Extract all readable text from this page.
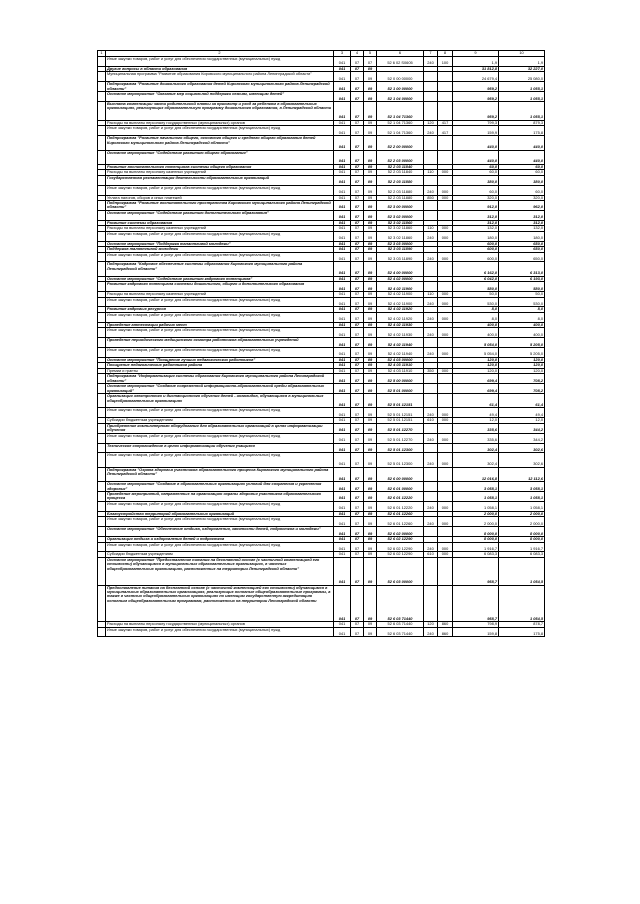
1	2	3	4	5	6	7	8	9	10
	Иные закупки товаров, работ и услуг для обеспечения государственных (муниципальных) нужд	041	07	07	52 6 02 S0605	240	100	1,9	1,9
	Другие вопросы в области образования	041	07	09				31 812,8	32 227,0
	Муниципальная программа "Развитие образования Кировского муниципального района Ленинградской области"	041	07	09	52 0 00 00000			24 679,4	25 080,0
	Подпрограмма "Развитие дошкольного образования детей Кировского муниципального района Ленинградской области"	041	07	09	52 1 00 00000			959,2	1 055,1
	Основное мероприятие "Оказание мер социальной поддержки семьям, имеющим детей"	041	07	09	52 1 04 00000			959,2	1 055,1
	Выплата компенсации части родительской платы за присмотр и уход за ребенком в образовательных организациях, реализующих образовательную программу дошкольного образования, в Ленинградской области	041	07	09	52 1 04 71360			959,2	1 055,1
	Расходы на выплаты персоналу государственных (муниципальных) органов	041	07	09	52 1 04 71360	120	417	799,3	879,3
	Иные закупки товаров, работ и услуг для обеспечения государственных (муниципальных) нужд	041	07	09	52 1 04 71360	240	417	159,9	175,8
	Подпрограмма "Развитие начального общего, основного общего и среднего общего образования детей Кировского муниципального района Ленинградской области"	041	07	09	52 2 00 00000			440,0	440,0
	Основное мероприятие "Содействие развитию общего образования"	041	07	09	52 2 03 00000			440,0	440,0
	Развитие воспитательного потенциала системы общего образования	041	07	09	52 2 03 11840			60,0	60,0
	Расходы на выплаты персоналу казенных учреждений	041	07	09	52 2 03 11840	110	000	60,0	60,0
	Государственная регламентация деятельности образовательных организаций	041	07	09	52 2 03 11880			380,0	380,0
	Иные закупки товаров, работ и услуг для обеспечения государственных (муниципальных) нужд	041	07	09	52 2 03 11880	240	000	60,0	60,0
	Уплата налогов, сборов и иных платежей	041	07	09	52 2 03 11880	850	000	320,0	320,0
	Подпрограмма "Развитие воспитательного пространства Кировского муниципального района Ленинградской области"	041	07	09	52 3 00 00000			912,0	962,0
	Основное мероприятие "Содействие развитию дополнительного образования"	041	07	09	52 3 02 00000			312,0	312,0
	Развитие системы образования	041	07	09	52 3 02 11860			312,0	312,0
	Расходы на выплаты персоналу казенных учреждений	041	07	09	52 3 02 11860	110	000	132,0	132,0
	Иные закупки товаров, работ и услуг для обеспечения государственных (муниципальных) нужд	041	07	09	52 3 02 11860	240	000	180,0	180,0
	Основное мероприятие "Поддержка талантливой молодежи"	041	07	09	52 3 03 00000			600,0	650,0
	Поддержка талантливой молодежи	041	07	09	52 3 03 11890			600,0	650,0
	Иные закупки товаров, работ и услуг для обеспечения государственных (муниципальных) нужд	041	07	09	52 3 03 11890	240	000	600,0	650,0
	Подпрограмма "Кадровое обеспечение системы образования Кировского муниципального района Ленинградской области"	041	07	09	52 4 00 00000			6 162,0	6 313,0
	Основное мероприятие "Содействие развитию кадрового потенциала"	041	07	09	52 4 02 00000			6 042,0	6 193,0
	Развитие кадрового потенциала системы дошкольного, общего и дополнительного образования	041	07	09	52 4 02 11900			580,0	580,0
	Расходы на выплаты персоналу казенных учреждений	041	07	09	52 4 02 11900	110	000	50,0	50,0
	Иные закупки товаров, работ и услуг для обеспечения государственных (муниципальных) нужд	041	07	09	52 4 02 11900	240	000	530,0	530,0
	Развитие кадровых ресурсов	041	07	09	52 4 02 11920			8,0	8,0
	Иные закупки товаров, работ и услуг для обеспечения государственных (муниципальных) нужд	041	07	09	52 4 02 11920	240	000	8,0	8,0
	Проведение аттестации рабочих мест	041	07	09	52 4 02 11930			400,0	400,0
	Иные закупки товаров, работ и услуг для обеспечения государственных (муниципальных) нужд	041	07	09	52 4 02 11930	240	000	400,0	400,0
	Проведение периодического медицинского осмотра работников образовательных учреждений	041	07	09	52 4 02 11940			5 054,0	5 205,0
	Иные закупки товаров, работ и услуг для обеспечения государственных (муниципальных) нужд	041	07	09	52 4 02 11940	240	000	5 054,0	5 205,0
	Основное мероприятие "Поощрение лучших педагогических работников"	041	07	09	52 4 03 00000			120,0	120,0
	Поощрение педагогических работников района	041	07	09	52 4 03 11910			120,0	120,0
	Премии и гранты	041	07	09	52 4 03 11910	350	000	120,0	120,0
	Подпрограмма "Информатизация системы образования Кировского муниципального района Ленинградской области"	041	07	09	52 5 00 00000			699,4	708,2
	Основное мероприятие "Создание современной информационно-образовательной среды образовательных организаций"	041	07	09	52 5 01 00000			699,4	708,2
	Организация электронного и дистанционного обучения детей - инвалидов, обучающихся в муниципальных общеобразовательных организациях	041	07	09	52 5 01 12151			61,4	61,4
	Иные закупки товаров, работ и услуг для обеспечения государственных (муниципальных) нужд	041	07	09	52 5 01 12151	240	000	49,4	49,4
	Субсидии бюджетным учреждениям	041	07	09	52 5 01 12151	610	000	12,0	12,0
	Приобретение компьютерного оборудования для образовательных организаций в целях информатизации обучения	041	07	09	52 5 01 12270			335,6	344,2
	Иные закупки товаров, работ и услуг для обеспечения государственных (муниципальных) нужд	041	07	09	52 5 01 12270	240	000	335,6	344,2
	Техническое сопровождение в целях информатизации обучения учащихся	041	07	09	52 5 01 12300			302,4	302,6
	Иные закупки товаров, работ и услуг для обеспечения государственных (муниципальных) нужд	041	07	09	52 5 01 12300	240	000	302,4	302,6
	Подпрограмма "Охрана здоровья участников образовательного процесса Кировского муниципального района Ленинградской области"	041	07	09	52 6 00 00000			12 016,8	12 112,6
	Основное мероприятие "Создание в образовательных организациях условий для сохранения и укрепления здоровья"	041	07	09	52 6 01 00000			3 058,1	3 058,1
	Проведение мероприятий, направленных на организацию охраны здоровья участников образовательного процесса	041	07	09	52 6 01 12220			1 058,1	1 058,1
	Иные закупки товаров, работ и услуг для обеспечения государственных (муниципальных) нужд	041	07	09	52 6 01 12220	240	000	1 058,1	1 058,1
	Благоустройство территорий образовательных организаций	041	07	09	52 6 01 12260			2 000,0	2 000,0
	Иные закупки товаров, работ и услуг для обеспечения государственных (муниципальных) нужд	041	07	09	52 6 01 12260	240	000	2 000,0	2 000,0
	Основное мероприятие "Обеспечение отдыха, оздоровления, занятости детей, подростков и молодежи"	041	07	09	52 6 02 00000			8 000,0	8 000,0
	Организация отдыха и оздоровления детей и подростков	041	07	09	52 6 02 12290			8 000,0	8 000,0
	Иные закупки товаров, работ и услуг для обеспечения государственных (муниципальных) нужд	041	07	09	52 6 02 12290	240	000	1 916,7	1 916,7
	Субсидии бюджетным учреждениям	041	07	09	52 6 02 12290	610	000	6 083,3	6 083,3
	Основное мероприятие "Предоставление питания на бесплатной основе (с частичной компенсацией его стоимости) обучающимся в муниципальных образовательных организациях, в частных общеобразовательных организациях, расположенных на территории Ленинградской области"	041	07	09	52 6 03 00000			958,7	1 054,5
	Предоставление питания на бесплатной основе (с частичной компенсацией его стоимости) обучающимся в муниципальных образовательных организациях, реализующих основные общеобразовательные программы, а также в частных общеобразовательных организациях по имеющим государственную аккредитацию основным общеобразовательным программам, расположенных на территории Ленинградской области	041	07	09	52 6 03 71440			958,7	1 054,5
	Расходы на выплаты персоналу государственных (муниципальных) органов	041	07	09	52 6 03 71440	120	860	798,9	878,7
	Иные закупки товаров, работ и услуг для обеспечения государственных (муниципальных) нужд	041	07	09	52 6 03 71440	240	860	159,8	175,8
